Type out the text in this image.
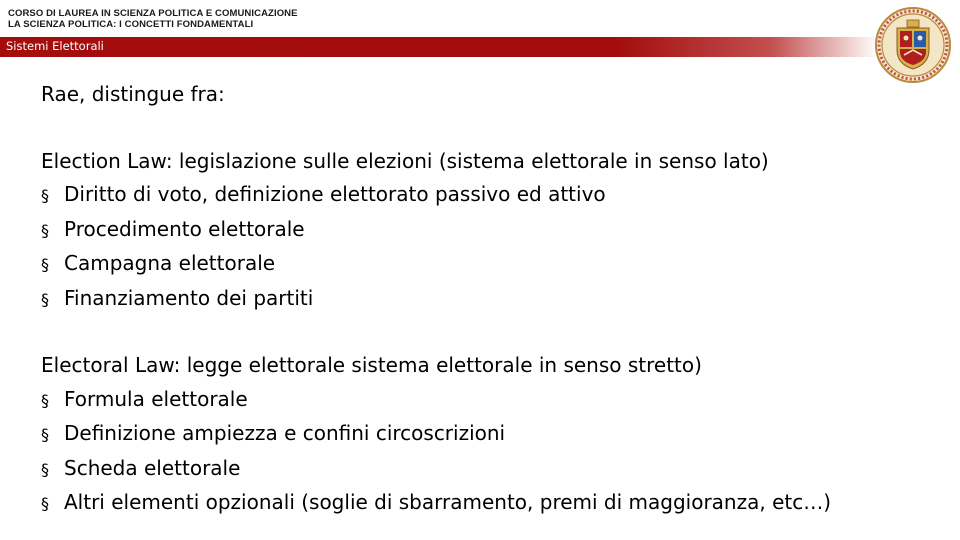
CORSO DI LAUREA IN SCIENZA POLITICA E COMUNICAZIONE
LA SCIENZA POLITICA: I CONCETTI FONDAMENTALI
Sistemi Elettorali
Rae, distingue fra:
Election Law: legislazione sulle elezioni (sistema elettorale in senso lato)
§ Diritto di voto, definizione elettorato passivo ed attivo
§ Procedimento elettorale
§ Campagna elettorale
§ Finanziamento dei partiti
Electoral Law: legge elettorale sistema elettorale in senso stretto)
§ Formula elettorale
§ Definizione ampiezza e confini circoscrizioni
§ Scheda elettorale
§ Altri elementi opzionali (soglie di sbarramento, premi di maggioranza, etc…)
